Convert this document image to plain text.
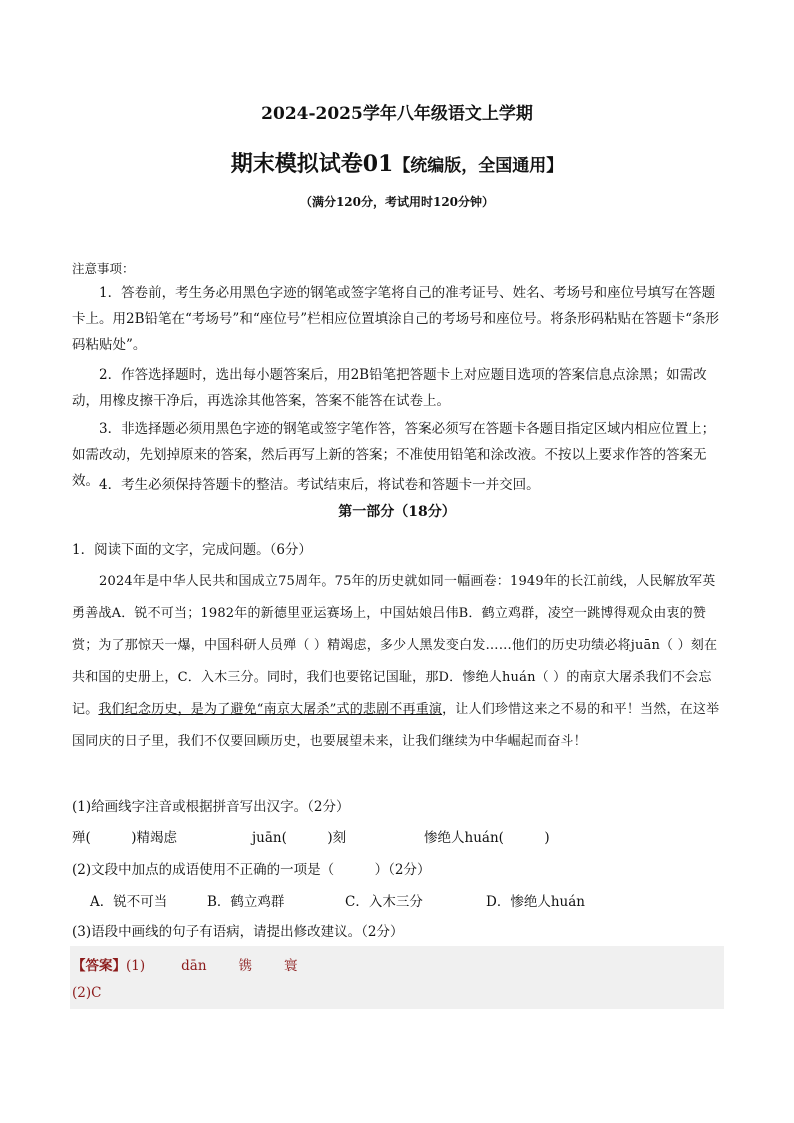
2024-2025学年八年级语文上学期
期末模拟试卷01【统编版，全国通用】
（满分120分，考试用时120分钟）
注意事项：
1．答卷前，考生务必用黑色字迹的钢笔或签字笔将自己的准考证号、姓名、考场号和座位号填写在答题卡上。用2B铅笔在“考场号”和“座位号”栏相应位置填涂自己的考场号和座位号。将条形码粘贴在答题卡“条形码粘贴处”。
2．作答选择题时，选出每小题答案后，用2B铅笔把答题卡上对应题目选项的答案信息点涂黑；如需改动，用橡皮擦干净后，再选涂其他答案，答案不能答在试卷上。
3．非选择题必须用黑色字迹的钢笔或签字笔作答，答案必须写在答题卡各题目指定区域内相应位置上；如需改动，先划掉原来的答案，然后再写上新的答案；不准使用铅笔和涂改液。不按以上要求作答的答案无效。 4．考生必须保持答题卡的整洁。考试结束后，将试卷和答题卡一并交回。
第一部分（18分）
1．阅读下面的文字，完成问题。（6分）
2024年是中华人民共和国成立75周年。75年的历史就如同一幅画卷：1949年的长江前线，人民解放军英勇善战A．锐不可当；1982年的新德里亚运赛场上，中国姑娘吕伟B．鹤立鸡群，凌空一跳博得观众由衷的赞赏；为了那惊天一爆，中国科研人员殚（ ）精竭虑，多少人黑发变白发……他们的历史功绩必将juān（ ）刻在共和国的史册上，C．入木三分。同时，我们也要铭记国耻，那D．惨绝人huán（ ）的南京大屠杀我们不会忘记。我们纪念历史，是为了避免“南京大屠杀”式的悲剧不再重演，让人们珍惜这来之不易的和平！当然，在这举国同庆的日子里，我们不仅要回顾历史，也要展望未来，让我们继续为中华崛起而奋斗！
(1)给画线字注音或根据拼音写出汉字。（2分）
殚(　　　)精竭虑	juān(　　　)刻	惨绝人huán(　　　)
(2)文段中加点的成语使用不正确的一项是（　　　）（2分）
A．锐不可当	B．鹤立鸡群	C．入木三分	D．惨绝人huán
(3)语段中画线的句子有语病，请提出修改建议。（2分）
【答案】(1)	dān 镌 寰
(2)C
